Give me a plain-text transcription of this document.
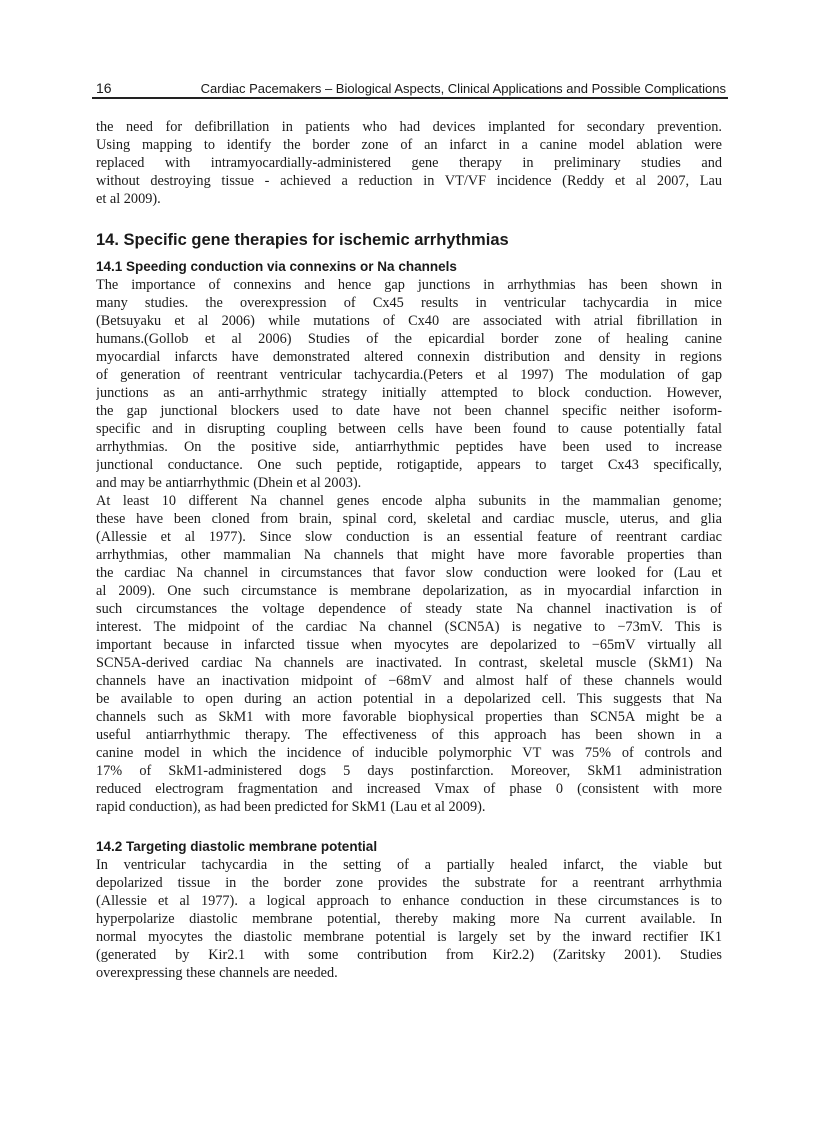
16	Cardiac Pacemakers – Biological Aspects, Clinical Applications and Possible Complications
the need for defibrillation in patients who had devices implanted for secondary prevention.
Using mapping to identify the border zone of an infarct in a canine model ablation were
replaced with intramyocardially-administered gene therapy in preliminary studies and
without destroying tissue - achieved a reduction in VT/VF incidence (Reddy et al 2007, Lau
et al 2009).
14. Specific gene therapies for ischemic arrhythmias
14.1 Speeding conduction via connexins or Na channels
The importance of connexins and hence gap junctions in arrhythmias has been shown in
many studies. the overexpression of Cx45 results in ventricular tachycardia in mice
(Betsuyaku et al 2006) while mutations of Cx40 are associated with atrial fibrillation in
humans.(Gollob et al 2006) Studies of the epicardial border zone of healing canine
myocardial infarcts have demonstrated altered connexin distribution and density in regions
of generation of reentrant ventricular tachycardia.(Peters et al 1997) The modulation of gap
junctions as an anti-arrhythmic strategy initially attempted to block conduction. However,
the gap junctional blockers used to date have not been channel specific neither isoform-
specific and in disrupting coupling between cells have been found to cause potentially fatal
arrhythmias. On the positive side, antiarrhythmic peptides have been used to increase
junctional conductance. One such peptide, rotigaptide, appears to target Cx43 specifically,
and may be antiarrhythmic (Dhein et al 2003).
At least 10 different Na channel genes encode alpha subunits in the mammalian genome;
these have been cloned from brain, spinal cord, skeletal and cardiac muscle, uterus, and glia
(Allessie et al 1977). Since slow conduction is an essential feature of reentrant cardiac
arrhythmias, other mammalian Na channels that might have more favorable properties than
the cardiac Na channel in circumstances that favor slow conduction were looked for (Lau et
al 2009). One such circumstance is membrane depolarization, as in myocardial infarction in
such circumstances the voltage dependence of steady state Na channel inactivation is of
interest. The midpoint of the cardiac Na channel (SCN5A) is negative to −73mV. This is
important because in infarcted tissue when myocytes are depolarized to −65mV virtually all
SCN5A-derived cardiac Na channels are inactivated. In contrast, skeletal muscle (SkM1) Na
channels have an inactivation midpoint of −68mV and almost half of these channels would
be available to open during an action potential in a depolarized cell. This suggests that Na
channels such as SkM1 with more favorable biophysical properties than SCN5A might be a
useful antiarrhythmic therapy. The effectiveness of this approach has been shown in a
canine model in which the incidence of inducible polymorphic VT was 75% of controls and
17% of SkM1-administered dogs 5 days postinfarction. Moreover, SkM1 administration
reduced electrogram fragmentation and increased Vmax of phase 0 (consistent with more
rapid conduction), as had been predicted for SkM1 (Lau et al 2009).
14.2 Targeting diastolic membrane potential
In ventricular tachycardia in the setting of a partially healed infarct, the viable but
depolarized tissue in the border zone provides the substrate for a reentrant arrhythmia
(Allessie et al 1977). a logical approach to enhance conduction in these circumstances is to
hyperpolarize diastolic membrane potential, thereby making more Na current available. In
normal myocytes the diastolic membrane potential is largely set by the inward rectifier IK1
(generated by Kir2.1 with some contribution from Kir2.2) (Zaritsky 2001). Studies
overexpressing these channels are needed.
